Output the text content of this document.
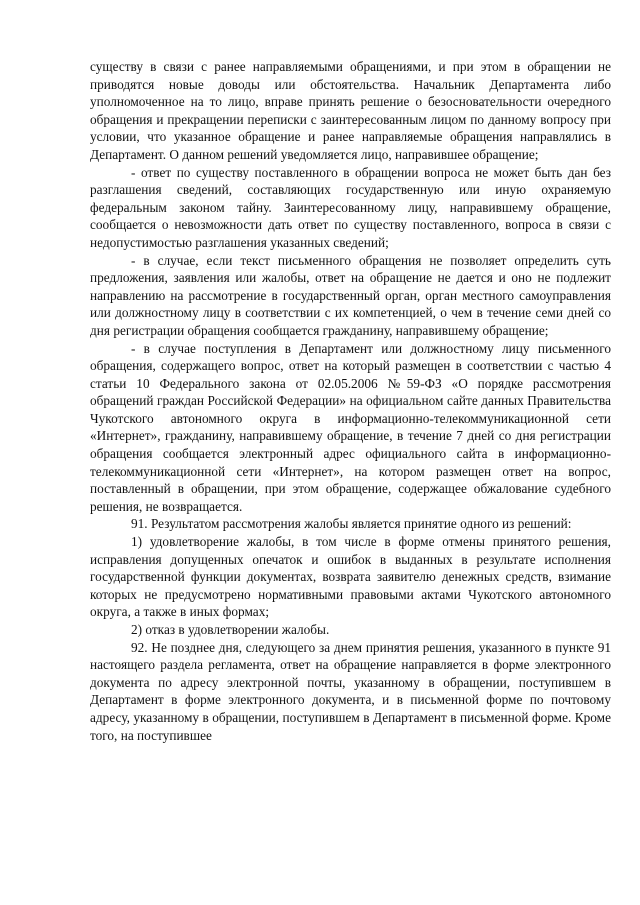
существу в связи с ранее направляемыми обращениями, и при этом в обращении не приводятся новые доводы или обстоятельства. Начальник Департамента либо уполномоченное на то лицо, вправе принять решение о безосновательности очередного обращения и прекращении переписки с заинтересованным лицом по данному вопросу при условии, что указанное обращение и ранее направляемые обращения направлялись в Департамент. О данном решений уведомляется лицо, направившее обращение;

- ответ по существу поставленного в обращении вопроса не может быть дан без разглашения сведений, составляющих государственную или иную охраняемую федеральным законом тайну. Заинтересованному лицу, направившему обращение, сообщается о невозможности дать ответ по существу поставленного, вопроса в связи с недопустимостью разглашения указанных сведений;

- в случае, если текст письменного обращения не позволяет определить суть предложения, заявления или жалобы, ответ на обращение не дается и оно не подлежит направлению на рассмотрение в государственный орган, орган местного самоуправления или должностному лицу в соответствии с их компетенцией, о чем в течение семи дней со дня регистрации обращения сообщается гражданину, направившему обращение;

- в случае поступления в Департамент или должностному лицу письменного обращения, содержащего вопрос, ответ на который размещен в соответствии с частью 4 статьи 10 Федерального закона от 02.05.2006 №59-ФЗ «О порядке рассмотрения обращений граждан Российской Федерации» на официальном сайте данных Правительства Чукотского автономного округа в информационно-телекоммуникационной сети «Интернет», гражданину, направившему обращение, в течение 7 дней со дня регистрации обращения сообщается электронный адрес официального сайта в информационно-телекоммуникационной сети «Интернет», на котором размещен ответ на вопрос, поставленный в обращении, при этом обращение, содержащее обжалование судебного решения, не возвращается.

91. Результатом рассмотрения жалобы является принятие одного из решений:

1) удовлетворение жалобы, в том числе в форме отмены принятого решения, исправления допущенных опечаток и ошибок в выданных в результате исполнения государственной функции документах, возврата заявителю денежных средств, взимание которых не предусмотрено нормативными правовыми актами Чукотского автономного округа, а также в иных формах;

2) отказ в удовлетворении жалобы.

92. Не позднее дня, следующего за днем принятия решения, указанного в пункте 91 настоящего раздела регламента, ответ на обращение направляется в форме электронного документа по адресу электронной почты, указанному в обращении, поступившем в Департамент в форме электронного документа, и в письменной форме по почтовому адресу, указанному в обращении, поступившем в Департамент в письменной форме. Кроме того, на поступившее
